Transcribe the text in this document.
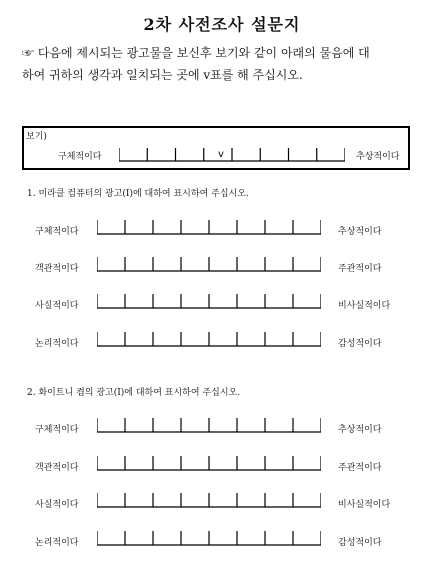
2차 사전조사 설문지
☞ 다음에 제시되는 광고물을 보신후 보기와 같이 아래의 물음에 대
하여 귀하의 생각과 일치되는 곳에 v표를 해 주십시오.
보기)
구체적이다	v	추상적이다
1. 미라클 컴퓨터의 광고(Ⅰ)에 대하여 표시하여 주십시오.
구체적이다	추상적이다
객관적이다	주관적이다
사실적이다	비사실적이다
논리적이다	감성적이다
2. 화이트니 켬의 광고(Ⅰ)에 대하여 표시하여 주십시오.
구체적이다	추상적이다
객관적이다	주관적이다
사실적이다	비사실적이다
논리적이다	감성적이다
